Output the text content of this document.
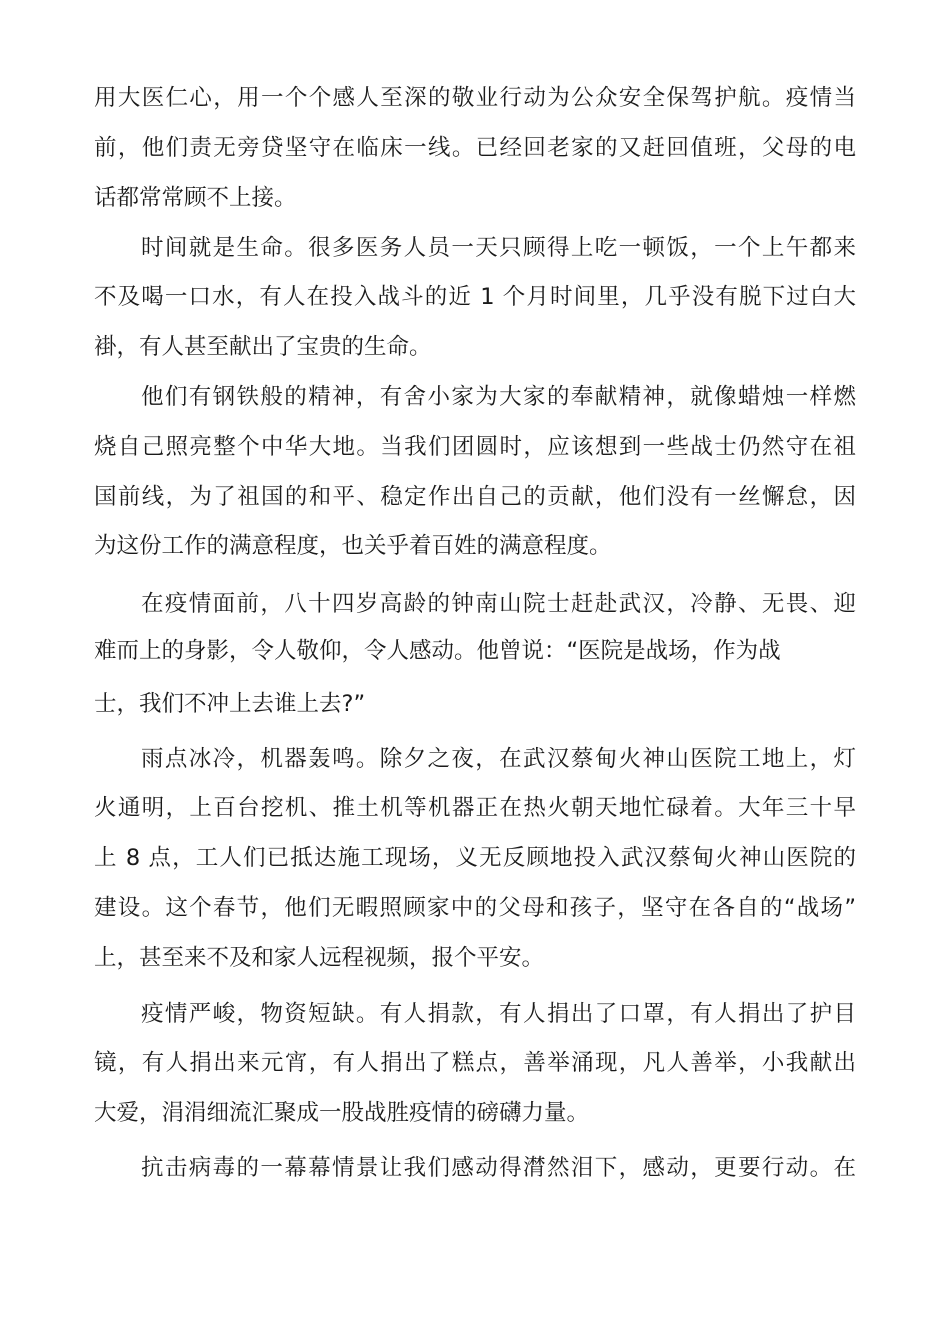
用大医仁心，用一个个感人至深的敬业行动为公众安全保驾护航。疫情当
前，他们责无旁贷坚守在临床一线。已经回老家的又赶回值班，父母的电
话都常常顾不上接。
时间就是生命。很多医务人员一天只顾得上吃一顿饭，一个上午都来
不及喝一口水，有人在投入战斗的近 1 个月时间里，几乎没有脱下过白大
褂，有人甚至献出了宝贵的生命。
他们有钢铁般的精神，有舍小家为大家的奉献精神，就像蜡烛一样燃
烧自己照亮整个中华大地。当我们团圆时，应该想到一些战士仍然守在祖
国前线，为了祖国的和平、稳定作出自己的贡献，他们没有一丝懈怠，因
为这份工作的满意程度，也关乎着百姓的满意程度。
在疫情面前，八十四岁高龄的钟南山院士赶赴武汉，冷静、无畏、迎
难而上的身影，令人敬仰，令人感动。他曾说：“医院是战场，作为战
士，我们不冲上去谁上去?”
雨点冰冷，机器轰鸣。除夕之夜，在武汉蔡甸火神山医院工地上，灯
火通明，上百台挖机、推土机等机器正在热火朝天地忙碌着。大年三十早
上 8 点，工人们已抵达施工现场，义无反顾地投入武汉蔡甸火神山医院的
建设。这个春节，他们无暇照顾家中的父母和孩子，坚守在各自的“战场”
上，甚至来不及和家人远程视频，报个平安。
疫情严峻，物资短缺。有人捐款，有人捐出了口罩，有人捐出了护目
镜，有人捐出来元宵，有人捐出了糕点，善举涌现，凡人善举，小我献出
大爱，涓涓细流汇聚成一股战胜疫情的磅礴力量。
抗击病毒的一幕幕情景让我们感动得潸然泪下，感动，更要行动。在
